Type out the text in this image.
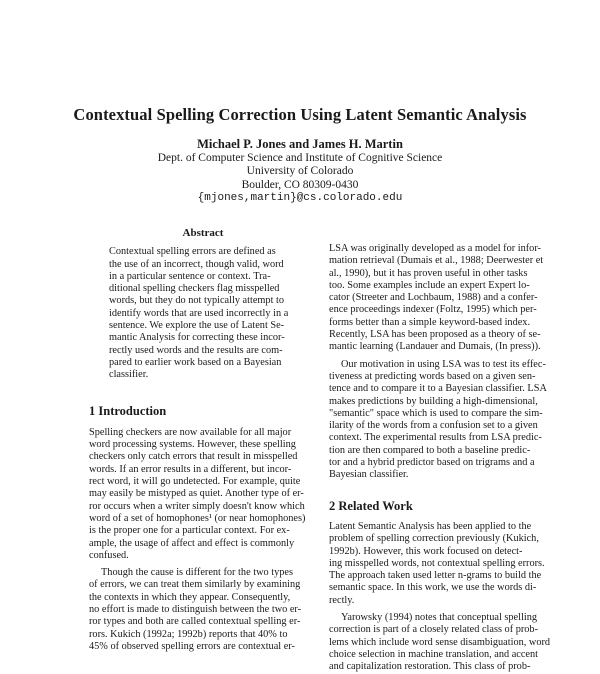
Contextual Spelling Correction Using Latent Semantic Analysis
Michael P. Jones and James H. Martin
Dept. of Computer Science and Institute of Cognitive Science
University of Colorado
Boulder, CO 80309-0430
{mjones,martin}@cs.colorado.edu
Abstract
Contextual spelling errors are defined as
the use of an incorrect, though valid, word
in a particular sentence or context. Tra-
ditional spelling checkers flag misspelled
words, but they do not typically attempt to
identify words that are used incorrectly in a
sentence. We explore the use of Latent Se-
mantic Analysis for correcting these incor-
rectly used words and the results are com-
pared to earlier work based on a Bayesian
classifier.
1 Introduction
Spelling checkers are now available for all major
word processing systems. However, these spelling
checkers only catch errors that result in misspelled
words. If an error results in a different, but incor-
rect word, it will go undetected. For example, quite
may easily be mistyped as quiet. Another type of er-
ror occurs when a writer simply doesn't know which
word of a set of homophones¹ (or near homophones)
is the proper one for a particular context. For ex-
ample, the usage of affect and effect is commonly
confused.
Though the cause is different for the two types
of errors, we can treat them similarly by examining
the contexts in which they appear. Consequently,
no effort is made to distinguish between the two er-
ror types and both are called contextual spelling er-
rors. Kukich (1992a; 1992b) reports that 40% to
45% of observed spelling errors are contextual er-
LSA was originally developed as a model for infor-
mation retrieval (Dumais et al., 1988; Deerwester et
al., 1990), but it has proven useful in other tasks
too. Some examples include an expert Expert lo-
cator (Streeter and Lochbaum, 1988) and a confer-
ence proceedings indexer (Foltz, 1995) which per-
forms better than a simple keyword-based index.
Recently, LSA has been proposed as a theory of se-
mantic learning (Landauer and Dumais, (In press)).
Our motivation in using LSA was to test its effec-
tiveness at predicting words based on a given sen-
tence and to compare it to a Bayesian classifier. LSA
makes predictions by building a high-dimensional,
"semantic" space which is used to compare the sim-
ilarity of the words from a confusion set to a given
context. The experimental results from LSA predic-
tion are then compared to both a baseline predic-
tor and a hybrid predictor based on trigrams and a
Bayesian classifier.
2 Related Work
Latent Semantic Analysis has been applied to the
problem of spelling correction previously (Kukich,
1992b). However, this work focused on detect-
ing misspelled words, not contextual spelling errors.
The approach taken used letter n-grams to build the
semantic space. In this work, we use the words di-
rectly.
Yarowsky (1994) notes that conceptual spelling
correction is part of a closely related class of prob-
lems which include word sense disambiguation, word
choice selection in machine translation, and accent
and capitalization restoration. This class of prob-
